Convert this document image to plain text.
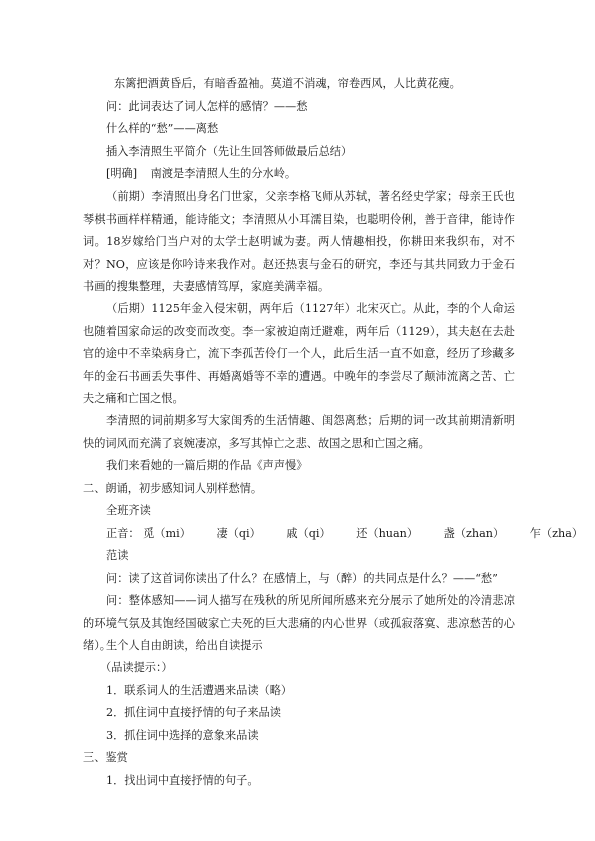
东篱把酒黄昏后，有暗香盈袖。莫道不消魂，帘卷西风，人比黄花瘦。
问：此词表达了词人怎样的感情？——愁
什么样的“愁”——离愁
插入李清照生平简介（先让生回答师做最后总结）
[明确] 南渡是李清照人生的分水岭。
（前期）李清照出身名门世家，父亲李格飞师从苏轼，著名经史学家；母亲王氏也琴棋书画样样精通，能诗能文；李清照从小耳濡目染，也聪明伶俐，善于音律，能诗作词。18岁嫁给门当户对的太学士赵明诚为妻。两人情趣相投，你耕田来我织布，对不对？NO，应该是你吟诗来我作对。赵还热衷与金石的研究，李还与其共同致力于金石书画的搜集整理，夫妻感情笃厚，家庭美满幸福。
（后期）1125年金入侵宋朝，两年后（1127年）北宋灭亡。从此，李的个人命运也随着国家命运的改变而改变。李一家被迫南迁避难，两年后（1129），其夫赵在去赴官的途中不幸染病身亡，流下李孤苦伶仃一个人，此后生活一直不如意，经历了珍藏多年的金石书画丢失事件、再婚离婚等不幸的遭遇。中晚年的李尝尽了颠沛流离之苦、亡夫之痛和亡国之恨。
李清照的词前期多写大家闺秀的生活情趣、闺怨离愁；后期的词一改其前期清新明快的词风而充满了哀婉凄凉，多写其悼亡之悲、故国之思和亡国之痛。
我们来看她的一篇后期的作品《声声慢》
二、朗诵，初步感知词人别样愁情。
全班齐读
正音： 觅（mi） 凄（qi） 戚（qi） 还（huan） 盏（zhan） 乍（zha）
范读
问：读了这首词你读出了什么？在感情上，与（醉）的共同点是什么？——“愁”
问：整体感知——词人描写在残秋的所见所闻所感来充分展示了她所处的冷清悲凉的环境气氛及其饱经国破家亡夫死的巨大悲痛的内心世界（或孤寂落寞、悲凉愁苦的心绪）。
生个人自由朗读，给出自读提示
（品读提示：）
1．联系词人的生活遭遇来品读（略）
2．抓住词中直接抒情的句子来品读
3．抓住词中选择的意象来品读
三、鉴赏
1．找出词中直接抒情的句子。
